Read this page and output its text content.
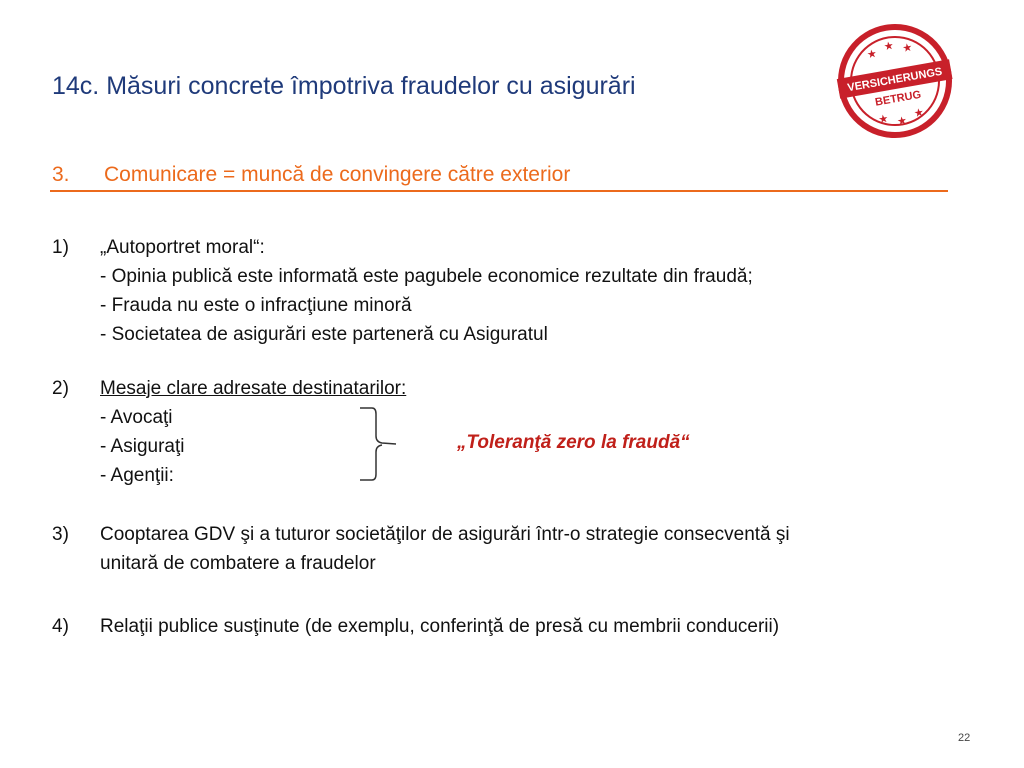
14c. Măsuri concrete împotriva fraudelor cu asigurări
★
★ ★
VERSICHERUNGS
BETRUG
★ ★
★
3. Comunicare = muncă de convingere către exterior
1) „Autoportret moral“:
- Opinia publică este informată este pagubele economice rezultate din fraudă;
- Frauda nu este o infracţiune minoră
- Societatea de asigurări este parteneră cu Asiguratul
2) Mesaje clare adresate destinatarilor:
- Avocaţi
- Asiguraţi
- Agenţii:
„Toleranţă zero la fraudă“
3) Cooptarea GDV şi a tuturor societăţilor de asigurări într-o strategie consecventă şi
unitară de combatere a fraudelor
4) Relaţii publice susţinute (de exemplu, conferinţă de presă cu membrii conducerii)
22
